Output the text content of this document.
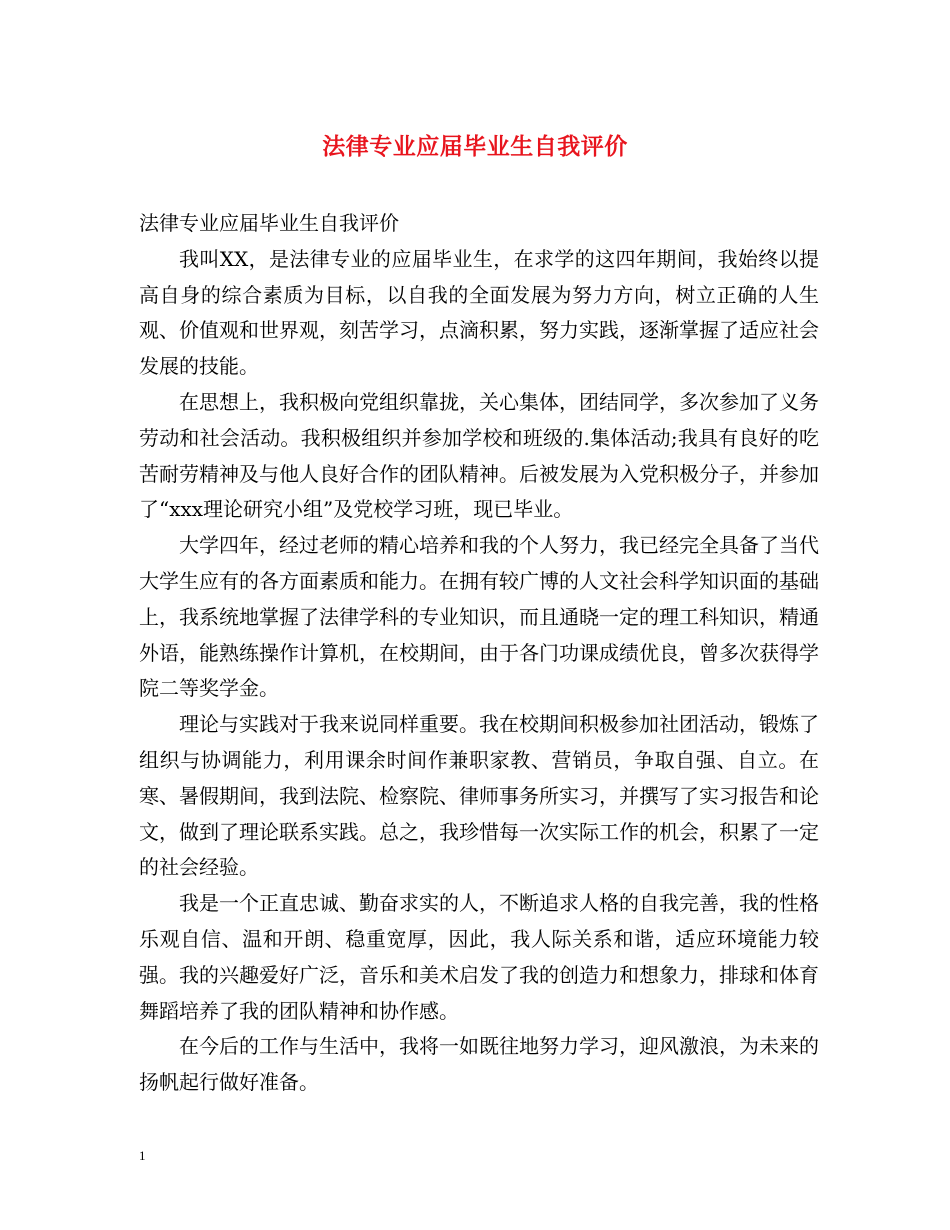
法律专业应届毕业生自我评价

法律专业应届毕业生自我评价

我叫XX，是法律专业的应届毕业生，在求学的这四年期间，我始终以提高自身的综合素质为目标，以自我的全面发展为努力方向，树立正确的人生观、价值观和世界观，刻苦学习，点滴积累，努力实践，逐渐掌握了适应社会发展的技能。

在思想上，我积极向党组织靠拢，关心集体，团结同学，多次参加了义务劳动和社会活动。我积极组织并参加学校和班级的.集体活动;我具有良好的吃苦耐劳精神及与他人良好合作的团队精神。后被发展为入党积极分子，并参加了“xxx理论研究小组”及党校学习班，现已毕业。

大学四年，经过老师的精心培养和我的个人努力，我已经完全具备了当代大学生应有的各方面素质和能力。在拥有较广博的人文社会科学知识面的基础上，我系统地掌握了法律学科的专业知识，而且通晓一定的理工科知识，精通外语，能熟练操作计算机，在校期间，由于各门功课成绩优良，曾多次获得学院二等奖学金。

理论与实践对于我来说同样重要。我在校期间积极参加社团活动，锻炼了组织与协调能力，利用课余时间作兼职家教、营销员，争取自强、自立。在寒、暑假期间，我到法院、检察院、律师事务所实习，并撰写了实习报告和论文，做到了理论联系实践。总之，我珍惜每一次实际工作的机会，积累了一定的社会经验。

我是一个正直忠诚、勤奋求实的人，不断追求人格的自我完善，我的性格乐观自信、温和开朗、稳重宽厚，因此，我人际关系和谐，适应环境能力较强。我的兴趣爱好广泛，音乐和美术启发了我的创造力和想象力，排球和体育舞蹈培养了我的团队精神和协作感。

在今后的工作与生活中，我将一如既往地努力学习，迎风激浪，为未来的扬帆起行做好准备。

1
